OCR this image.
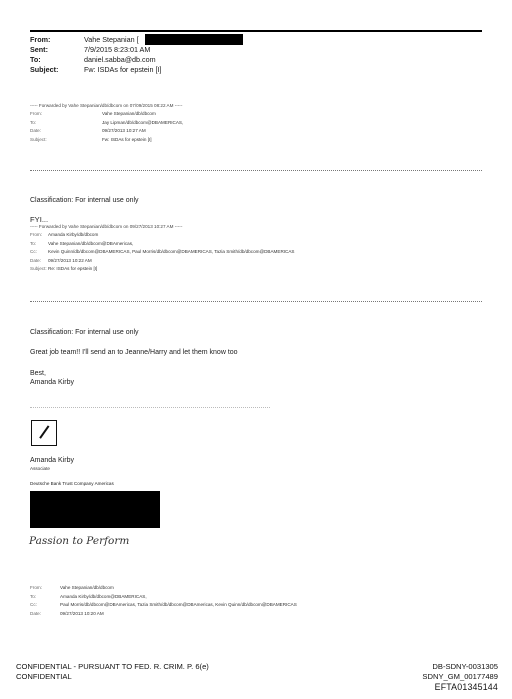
From:	Vahe Stepanian [
Sent:	7/9/2015 8:23:01 AM
To:	daniel.sabba@db.com
Subject:	Fw: ISDAs for epstein [I]
----- Forwarded by Vahe Stepanian/db/dbcom on 07/09/2015 08:22 AM -----
From:	Vahe Stepanian/db/dbcom
To:	Jay Lipman/db/dbcom@DBAMERICAS,
Date:	09/27/2013 10:27 AM
Subject:	Fw: ISDAs for epstein [I]
Classification: For internal use only
FYI...
----- Forwarded by Vahe Stepanian/db/dbcom on 09/27/2013 10:27 AM -----
From: Amanda Kirby/db/dbcom
To:	Vahe Stepanian/db/dbcom@DBAmericas,
Cc: Kevin Quinn/db/dbcom@DBAMERICAS, Paul Morris/db/dbcom@DBAMERICAS, Tazia Smith/db/dbcom@DBAMERICAS
Date: 09/27/2013 10:22 AM
Subject:Re: ISDAs for epstein [I]
Classification: For internal use only
Great job team!! I'll send an to Jeanne/Harry and let them know too
Best,
Amanda Kirby
Amanda Kirby
Associate
Deutsche Bank Trust Company Americas
Passion to Perform
From:	Vahe Stepanian/db/dbcom
To:	Amanda Kirby/db/dbcom@DBAMERICAS,
Cc:	Paul Morris/db/dbcom@DBAmericas, Tazia Smith/db/dbcom@DBAmericas, Kevin Quinn/db/dbcom@DBAMERICAS
Date:	09/27/2013 10:20 AM
CONFIDENTIAL - PURSUANT TO FED. R. CRIM. P. 6(e)
CONFIDENTIAL
DB-SDNY-0031305
SDNY_GM_00177489
EFTA01345144
